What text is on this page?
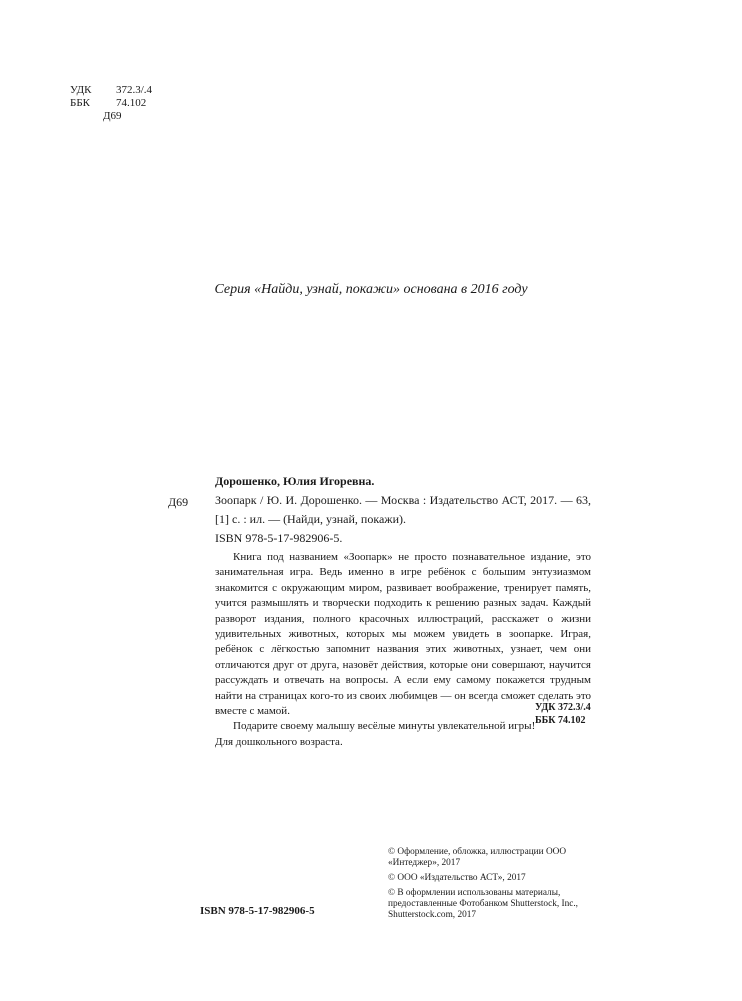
УДК 372.3/.4
ББК 74.102
Д69
Серия «Найди, узнай, покажи» основана в 2016 году
Дорошенко, Юлия Игоревна.
Д69 Зоопарк / Ю. И. Дорошенко. — Москва : Издательство АСТ, 2017. — 63, [1] с. : ил. — (Найди, узнай, покажи).
ISBN 978-5-17-982906-5.

Книга под названием «Зоопарк» не просто познавательное издание, это занимательная игра. Ведь именно в игре ребёнок с большим энтузиазмом знакомится с окружающим миром, развивает воображение, тренирует память, учится размышлять и творчески подходить к решению разных задач. Каждый разворот издания, полного красочных иллюстраций, расскажет о жизни удивительных животных, которых мы можем увидеть в зоопарке. Играя, ребёнок с лёгкостью запомнит названия этих животных, узнает, чем они отличаются друг от друга, назовёт действия, которые они совершают, научится рассуждать и отвечать на вопросы. А если ему самому покажется трудным найти на страницах кого-то из своих любимцев — он всегда сможет сделать это вместе с мамой.

Подарите своему малышу весёлые минуты увлекательной игры!

Для дошкольного возраста.

УДК 372.3/.4
ББК 74.102

© Оформление, обложка, иллюстрации ООО «Интеджер», 2017

© ООО «Издательство АСТ», 2017

© В оформлении использованы материалы, предоставленные Фотобанком Shutterstock, Inc., Shutterstock.com, 2017

ISBN 978-5-17-982906-5
